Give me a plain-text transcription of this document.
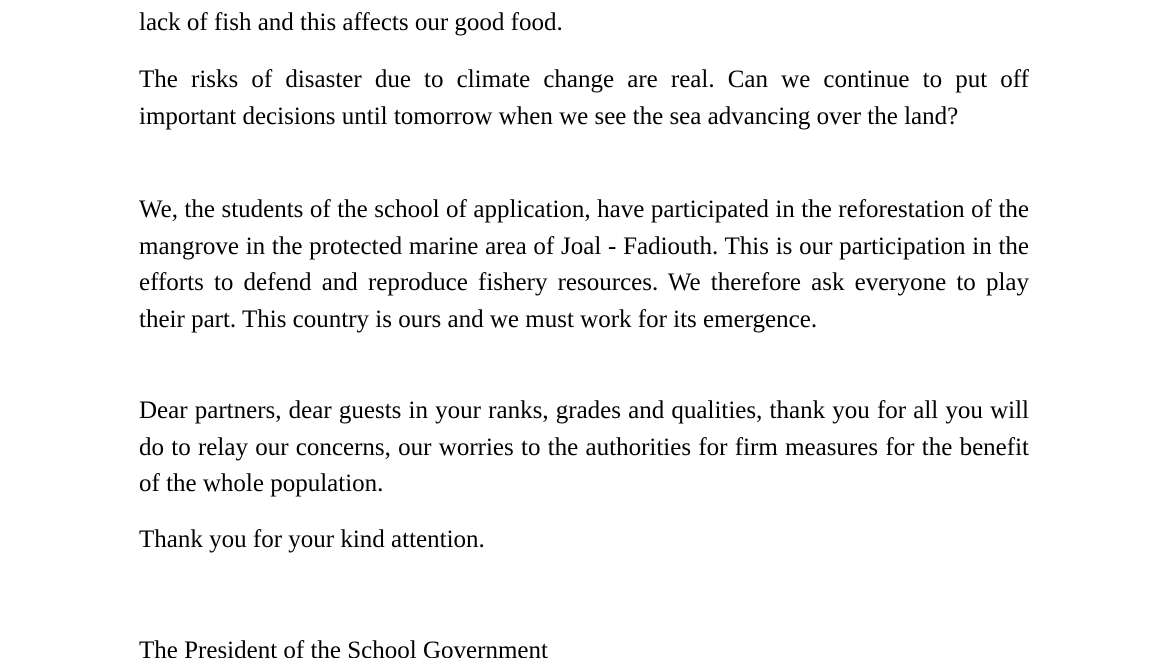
lack of fish and this affects our good food.

The risks of disaster due to climate change are real. Can we continue to put off important decisions until tomorrow when we see the sea advancing over the land?

We, the students of the school of application, have participated in the reforestation of the mangrove in the protected marine area of Joal - Fadiouth. This is our participation in the efforts to defend and reproduce fishery resources. We therefore ask everyone to play their part. This country is ours and we must work for its emergence.

Dear partners, dear guests in your ranks, grades and qualities, thank you for all you will do to relay our concerns, our worries to the authorities for firm measures for the benefit of the whole population.

Thank you for your kind attention.

The President of the School Government
